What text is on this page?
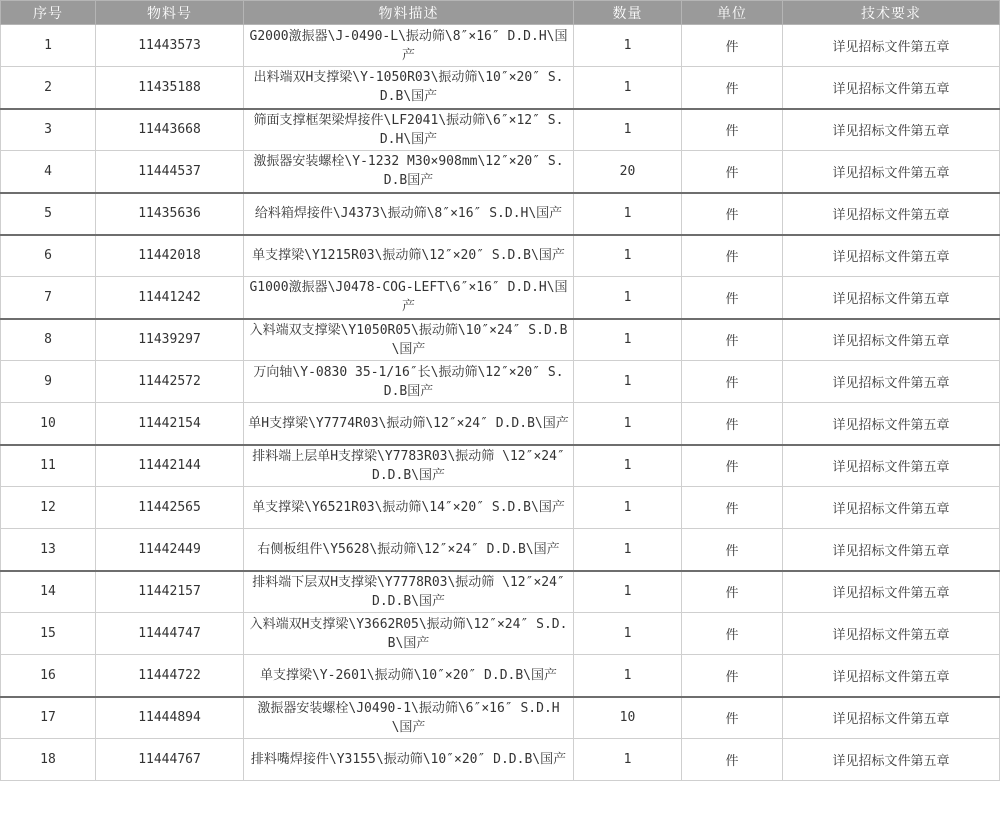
序号	物料号	物料描述	数量	单位	技术要求
1	11443573	G2000激振器\J-0490-L\振动筛\8″×16″ D.D.H\国产	1	件	详见招标文件第五章
2	11435188	出料端双H支撑梁\Y-1050R03\振动筛\10″×20″ S.D.B\国产	1	件	详见招标文件第五章
3	11443668	筛面支撑框架梁焊接件\LF2041\振动筛\6″×12″ S.D.H\国产	1	件	详见招标文件第五章
4	11444537	激振器安装螺栓\Y-1232 M30×908mm\12″×20″ S.D.B国产	20	件	详见招标文件第五章
5	11435636	给料箱焊接件\J4373\振动筛\8″×16″ S.D.H\国产	1	件	详见招标文件第五章
6	11442018	单支撑梁\Y1215R03\振动筛\12″×20″ S.D.B\国产	1	件	详见招标文件第五章
7	11441242	G1000激振器\J0478-COG-LEFT\6″×16″ D.D.H\国产	1	件	详见招标文件第五章
8	11439297	入料端双支撑梁\Y1050R05\振动筛\10″×24″ S.D.B\国产	1	件	详见招标文件第五章
9	11442572	万向轴\Y-0830 35-1/16″长\振动筛\12″×20″ S.D.B国产	1	件	详见招标文件第五章
10	11442154	单H支撑梁\Y7774R03\振动筛\12″×24″ D.D.B\国产	1	件	详见招标文件第五章
11	11442144	排料端上层单H支撑梁\Y7783R03\振动筛 \12″×24″ D.D.B\国产	1	件	详见招标文件第五章
12	11442565	单支撑梁\Y6521R03\振动筛\14″×20″ S.D.B\国产	1	件	详见招标文件第五章
13	11442449	右侧板组件\Y5628\振动筛\12″×24″ D.D.B\国产	1	件	详见招标文件第五章
14	11442157	排料端下层双H支撑梁\Y7778R03\振动筛 \12″×24″ D.D.B\国产	1	件	详见招标文件第五章
15	11444747	入料端双H支撑梁\Y3662R05\振动筛\12″×24″ S.D.B\国产	1	件	详见招标文件第五章
16	11444722	单支撑梁\Y-2601\振动筛\10″×20″ D.D.B\国产	1	件	详见招标文件第五章
17	11444894	激振器安装螺栓\J0490-1\振动筛\6″×16″ S.D.H\国产	10	件	详见招标文件第五章
18	11444767	排料嘴焊接件\Y3155\振动筛\10″×20″ D.D.B\国产	1	件	详见招标文件第五章
